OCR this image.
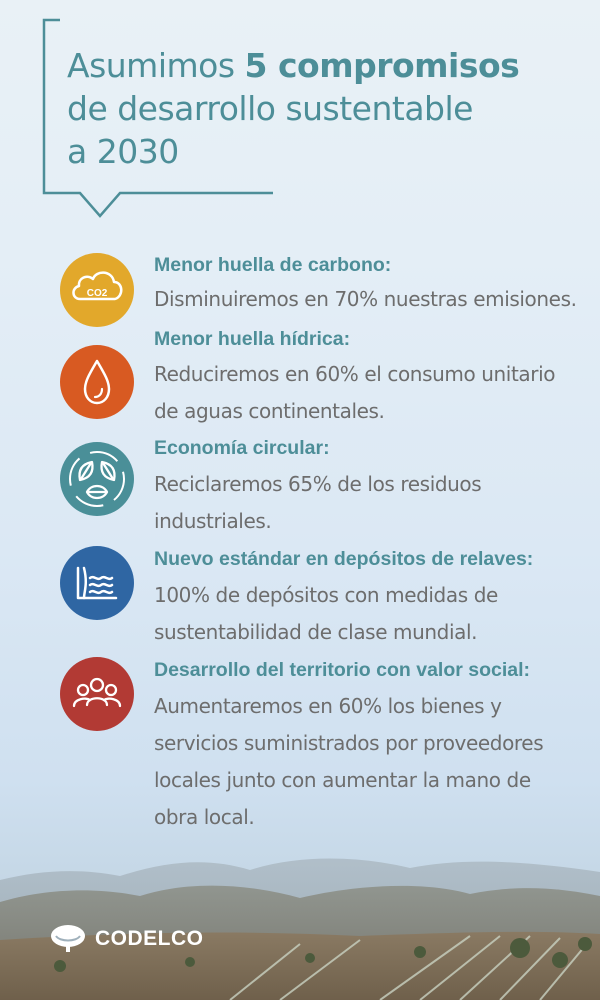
Asumimos 5 compromisos
de desarrollo sustentable
a 2030
CO2
Menor huella de carbono:
Disminuiremos en 70% nuestras emisiones.
Menor huella hídrica:
Reduciremos en 60% el consumo unitario
de aguas continentales.
Economía circular:
Reciclaremos 65% de los residuos
industriales.
Nuevo estándar en depósitos de relaves:
100% de depósitos con medidas de
sustentabilidad de clase mundial.
Desarrollo del territorio con valor social:
Aumentaremos en 60% los bienes y
servicios suministrados por proveedores
locales junto con aumentar la mano de
obra local.
CODELCO
